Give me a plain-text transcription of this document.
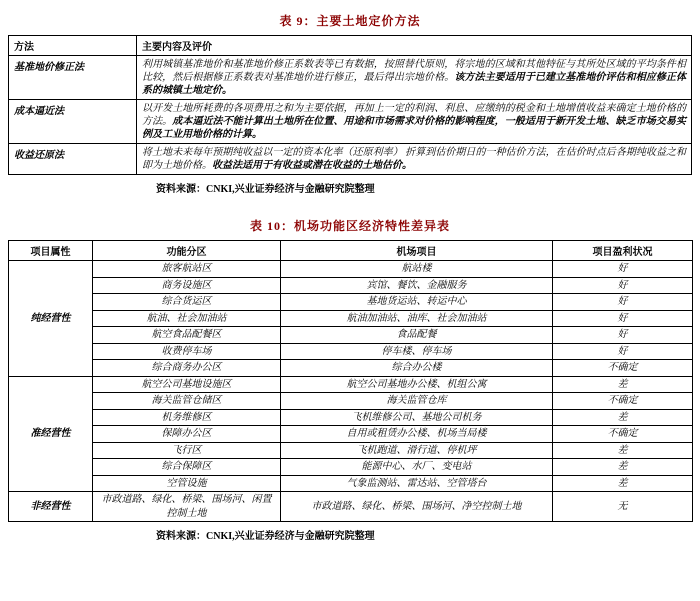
表 9：主要土地定价方法
方法	主要内容及评价
基准地价修正法	利用城镇基准地价和基准地价修正系数表等已有数据，按照替代原则，将宗地的区域和其他特征与其所处区域的平均条件相比较，然后根据修正系数表对基准地价进行修正，最后得出宗地价格。该方法主要适用于已建立基准地价评估和相应修正体系的城镇土地定价。
成本逼近法	以开发土地所耗费的各项费用之和为主要依据，再加上一定的利润、利息、应缴纳的税金和土地增值收益来确定土地价格的方法。成本逼近法不能计算出土地所在位置、用途和市场需求对价格的影响程度，一般适用于新开发土地、缺乏市场交易实例及工业用地价格的计算。
收益还原法	将土地未来每年预期纯收益以一定的资本化率（还原利率） 折算到估价期日的一种估价方法，在估价时点后各期纯收益之和即为土地价格。收益法适用于有收益或潜在收益的土地估价。
资料来源：CNKI,兴业证券经济与金融研究院整理
表 10：机场功能区经济特性差异表
项目属性	功能分区	机场项目	项目盈利状况
纯经营性	旅客航站区	航站楼	好
	商务设施区	宾馆、餐饮、金融服务	好
	综合货运区	基地货运站、转运中心	好
	航油、社会加油站	航油加油站、油库、社会加油站	好
	航空食品配餐区	食品配餐	好
	收费停车场	停车楼、停车场	好
	综合商务办公区	综合办公楼	不确定
准经营性	航空公司基地设施区	航空公司基地办公楼、机组公寓	差
	海关监管仓储区	海关监管仓库	不确定
	机务维修区	飞机维修公司、基地公司机务	差
	保障办公区	自用或租赁办公楼、机场当局楼	不确定
	飞行区	飞机跑道、滑行道、停机坪	差
	综合保障区	能源中心、水厂、变电站	差
	空管设施	气象监测站、雷达站、空管塔台	差
非经营性	市政道路、绿化、桥梁、围场河、闲置控制土地	市政道路、绿化、桥梁、围场河、净空控制土地	无
资料来源：CNKI,兴业证券经济与金融研究院整理
